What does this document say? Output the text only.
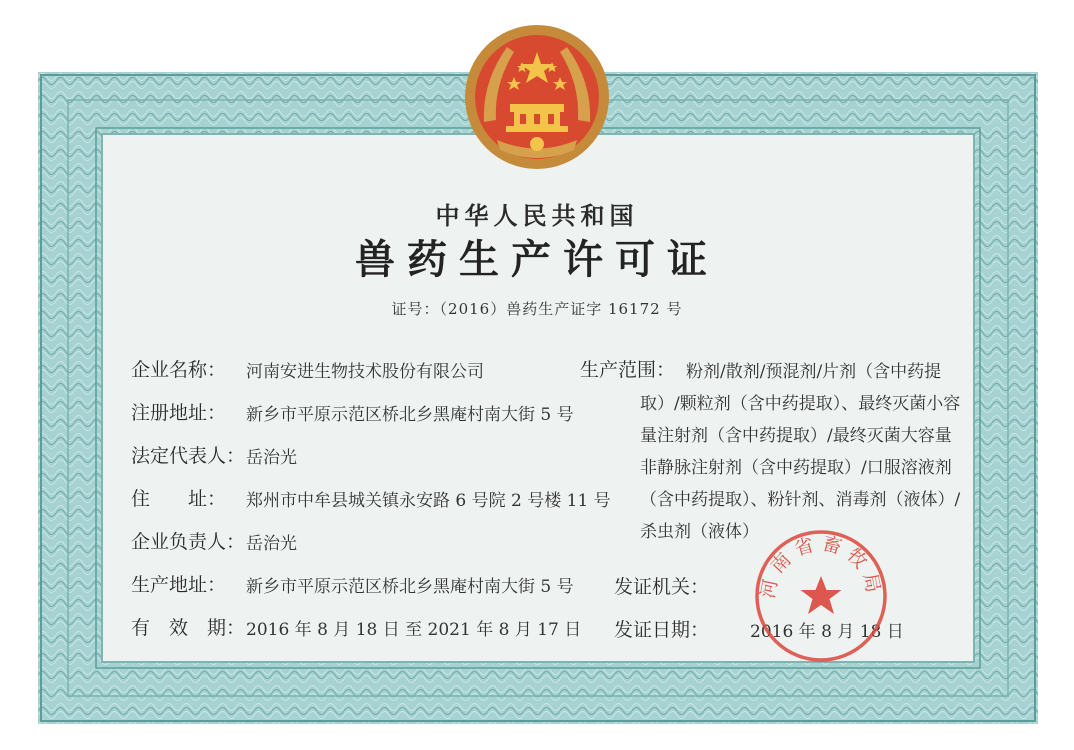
中华人民共和国
兽药生产许可证
证号：（2016）兽药生产证字 16172 号
企业名称： 河南安进生物技术股份有限公司
注册地址： 新乡市平原示范区桥北乡黑庵村南大街 5 号
法定代表人： 岳治光
住　　址： 郑州市中牟县城关镇永安路 6 号院 2 号楼 11 号
企业负责人： 岳治光
生产地址： 新乡市平原示范区桥北乡黑庵村南大街 5 号
有　效　期： 2016 年 8 月 18 日 至 2021 年 8 月 17 日
生产范围： 粉剂/散剂/预混剂/片剂（含中药提
取）/颗粒剂（含中药提取）、最终灭菌小容
量注射剂（含中药提取）/最终灭菌大容量
非静脉注射剂（含中药提取）/口服溶液剂
（含中药提取）、粉针剂、消毒剂（液体）/
杀虫剂（液体）
发证机关：
发证日期： 2016 年 8 月 18 日
河南省畜牧局
